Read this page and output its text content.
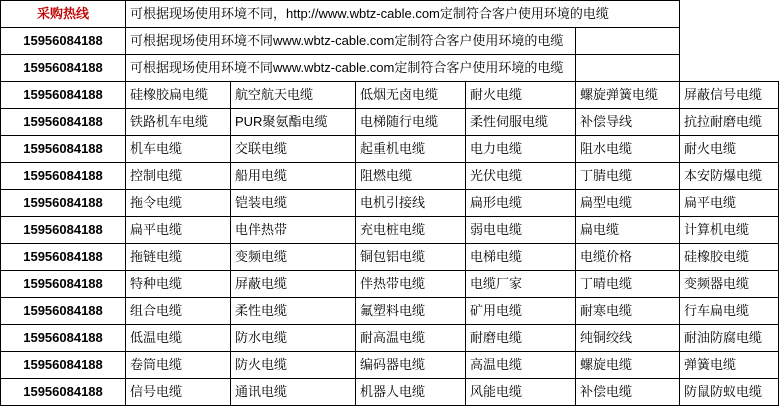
采购热线	可根据现场使用环境不同，http://www.wbtz-cable.com定制符合客户使用环境的电缆					
15956084188	可根据现场使用环境不同www.wbtz-cable.com定制符合客户使用环境的电缆					
15956084188	可根据现场使用环境不同www.wbtz-cable.com定制符合客户使用环境的电缆					
15956084188	硅橡胶扁电缆	航空航天电缆	低烟无卤电缆	耐火电缆	螺旋弹簧电缆	屏蔽信号电缆
15956084188	铁路机车电缆	PUR聚氨酯电缆	电梯随行电缆	柔性伺服电缆	补偿导线	抗拉耐磨电缆
15956084188	机车电缆	交联电缆	起重机电缆	电力电缆	阻水电缆	耐火电缆
15956084188	控制电缆	船用电缆	阻燃电缆	光伏电缆	丁腈电缆	本安防爆电缆
15956084188	拖令电缆	铠装电缆	电机引接线	扁形电缆	扁型电缆	扁平电缆
15956084188	扁平电缆	电伴热带	充电桩电缆	弱电电缆	扁电缆	计算机电缆
15956084188	拖链电缆	变频电缆	铜包铝电缆	电梯电缆	电缆价格	硅橡胶电缆
15956084188	特种电缆	屏蔽电缆	伴热带电缆	电缆厂家	丁晴电缆	变频器电缆
15956084188	组合电缆	柔性电缆	氟塑料电缆	矿用电缆	耐寒电缆	行车扁电缆
15956084188	低温电缆	防水电缆	耐高温电缆	耐磨电缆	纯铜绞线	耐油防腐电缆
15956084188	卷筒电缆	防火电缆	编码器电缆	高温电缆	螺旋电缆	弹簧电缆
15956084188	信号电缆	通讯电缆	机器人电缆	风能电缆	补偿电缆	防鼠防蚁电缆
